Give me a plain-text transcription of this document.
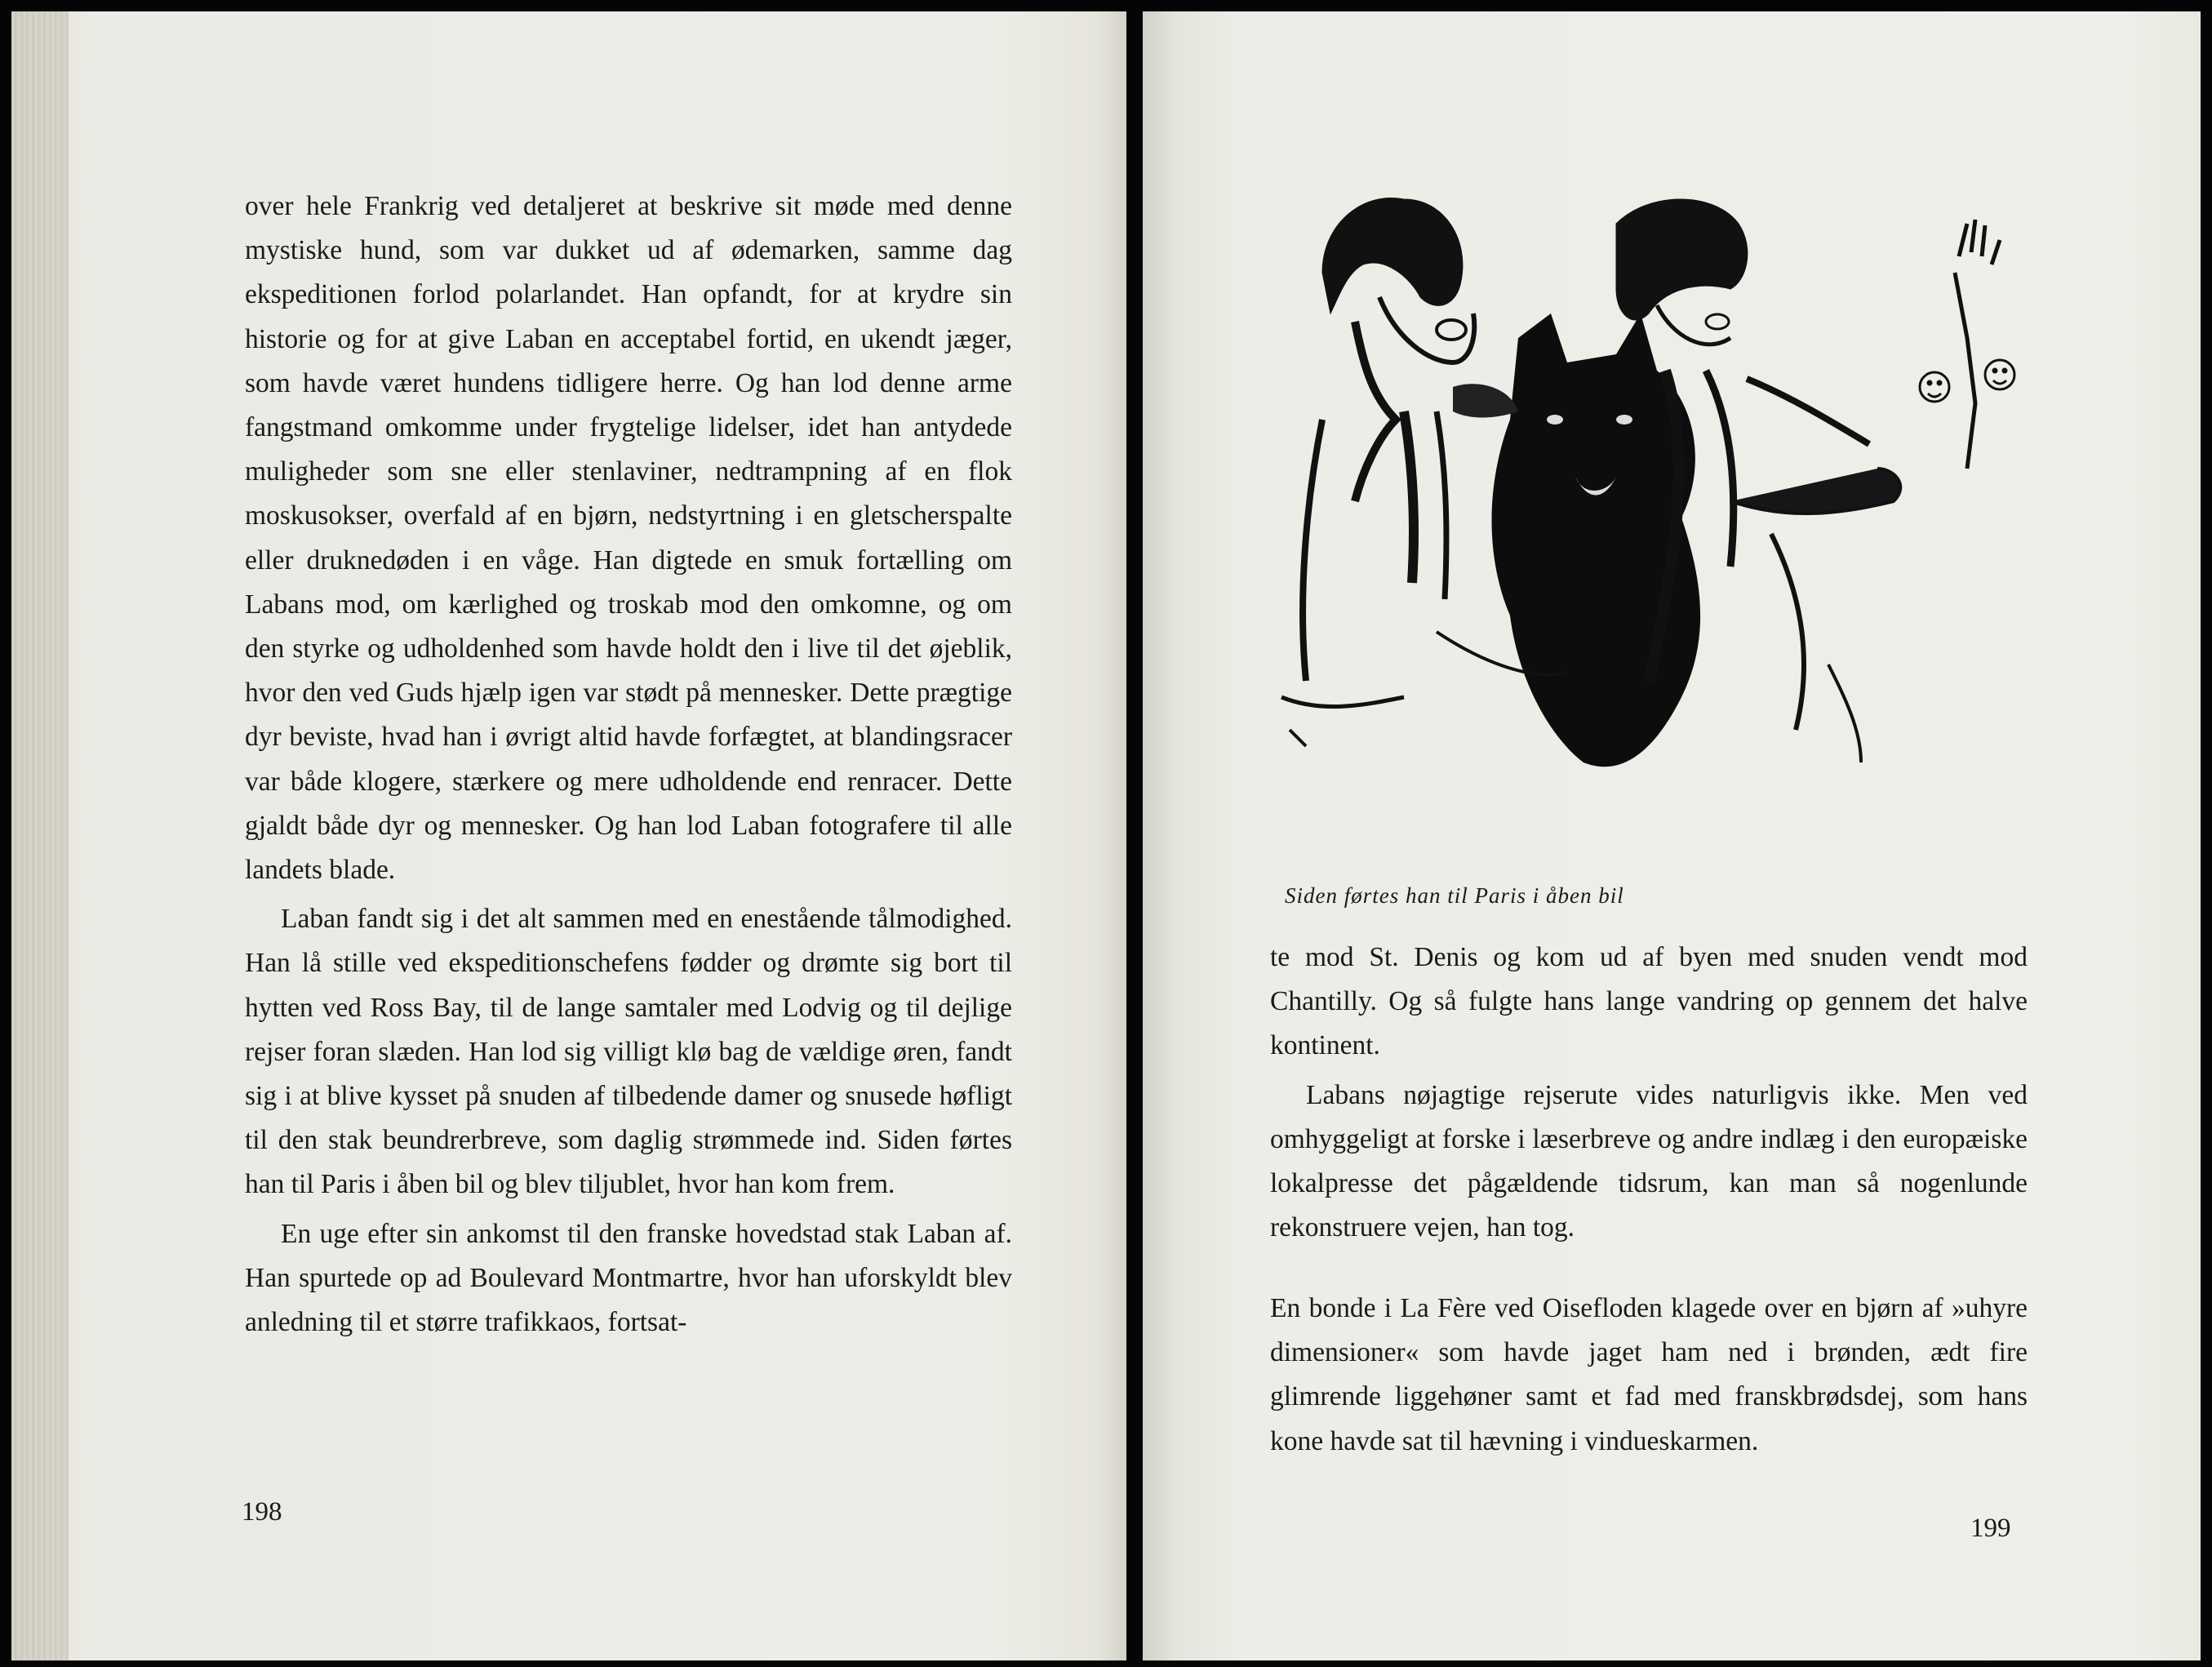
over hele Frankrig ved detaljeret at beskrive sit møde med denne mystiske hund, som var dukket ud af ødemarken, samme dag ekspeditionen forlod polarlandet. Han opfandt, for at krydre sin historie og for at give Laban en acceptabel fortid, en ukendt jæger, som havde været hundens tidligere herre. Og han lod denne arme fangstmand omkomme under frygtelige lidelser, idet han antydede muligheder som sne eller stenlaviner, nedtrampning af en flok moskusokser, overfald af en bjørn, nedstyrtning i en gletscherspalte eller druknedøden i en våge. Han digtede en smuk fortælling om Labans mod, om kærlighed og troskab mod den omkomne, og om den styrke og udholdenhed som havde holdt den i live til det øjeblik, hvor den ved Guds hjælp igen var stødt på mennesker. Dette prægtige dyr beviste, hvad han i øvrigt altid havde forfægtet, at blandingsracer var både klogere, stærkere og mere udholdende end renracer. Dette gjaldt både dyr og mennesker. Og han lod Laban fotografere til alle landets blade.

Laban fandt sig i det alt sammen med en enestående tålmodighed. Han lå stille ved ekspeditionschefens fødder og drømte sig bort til hytten ved Ross Bay, til de lange samtaler med Lodvig og til dejlige rejser foran slæden. Han lod sig villigt klø bag de vældige øren, fandt sig i at blive kysset på snuden af tilbedende damer og snusede høfligt til den stak beundrerbreve, som daglig strømmede ind. Siden førtes han til Paris i åben bil og blev tiljublet, hvor han kom frem.

En uge efter sin ankomst til den franske hovedstad stak Laban af. Han spurtede op ad Boulevard Montmartre, hvor han uforskyldt blev anledning til et større trafikkaos, fortsat-

198
Siden førtes han til Paris i åben bil

te mod St. Denis og kom ud af byen med snuden vendt mod Chantilly. Og så fulgte hans lange vandring op gennem det halve kontinent.

Labans nøjagtige rejserute vides naturligvis ikke. Men ved omhyggeligt at forske i læserbreve og andre indlæg i den europæiske lokalpresse det pågældende tidsrum, kan man så nogenlunde rekonstruere vejen, han tog.

En bonde i La Fère ved Oisefloden klagede over en bjørn af »uhyre dimensioner« som havde jaget ham ned i brønden, ædt fire glimrende liggehøner samt et fad med franskbrødsdej, som hans kone havde sat til hævning i vindueskarmen.

199
